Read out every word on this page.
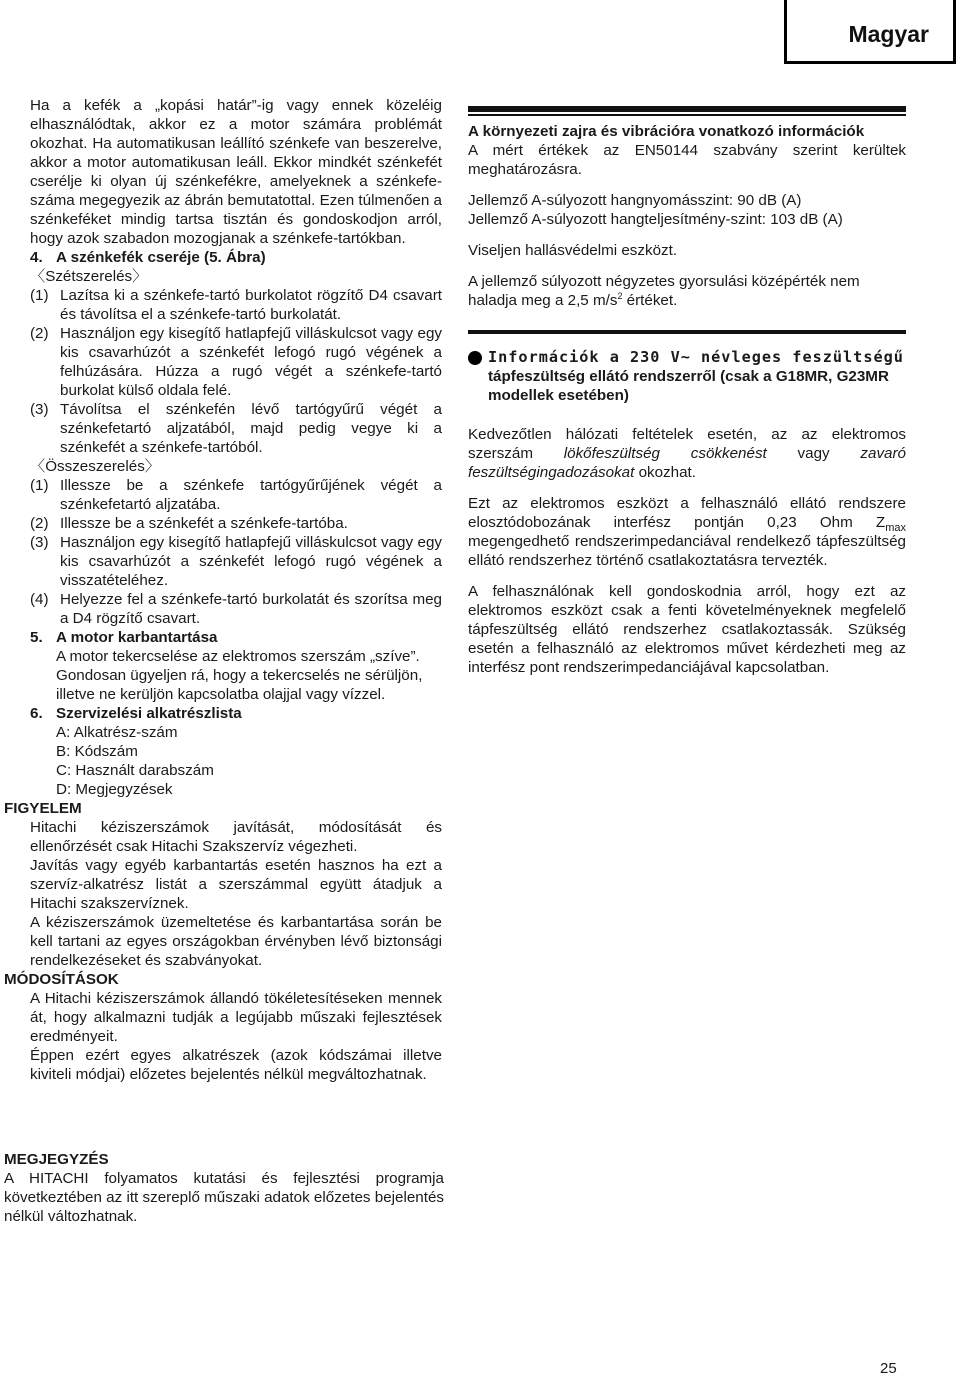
Magyar

Ha a kefék a „kopási határ”-ig vagy ennek közeléig elhasználódtak, akkor ez a motor számára problémát okozhat. Ha automatikusan leállító szénkefe van beszerelve, akkor a motor automatikusan leáll. Ekkor mindkét szénkefét cserélje ki olyan új szénkefékre, amelyeknek a szénkefe-száma megegyezik az ábrán bemutatottal. Ezen túlmenően a szénkeféket mindig tartsa tisztán és gondoskodjon arról, hogy azok szabadon mozogjanak a szénkefe-tartókban.

4. A szénkefék cseréje (5. Ábra)

〈Szétszerelés〉

(1) Lazítsa ki a szénkefe-tartó burkolatot rögzítő D4 csavart és távolítsa el a szénkefe-tartó burkolatát.
(2) Használjon egy kisegítő hatlapfejű villáskulcsot vagy egy kis csavarhúzót a szénkefét lefogó rugó végének a felhúzására. Húzza a rugó végét a szénkefe-tartó burkolat külső oldala felé.
(3) Távolítsa el szénkefén lévő tartógyűrű végét a szénkefetartó aljzatából, majd pedig vegye ki a szénkefét a szénkefe-tartóból.

〈Összeszerelés〉

(1) Illessze be a szénkefe tartógyűrűjének végét a szénkefetartó aljzatába.
(2) Illessze be a szénkefét a szénkefe-tartóba.
(3) Használjon egy kisegítő hatlapfejű villáskulcsot vagy egy kis csavarhúzót a szénkefét lefogó rugó végének a visszatételéhez.
(4) Helyezze fel a szénkefe-tartó burkolatát és szorítsa meg a D4 rögzítő csavart.
5. A motor karbantartása

A motor tekercselése az elektromos szerszám „szíve”. Gondosan ügyeljen rá, hogy a tekercselés ne sérüljön, illetve ne kerüljön kapcsolatba olajjal vagy vízzel.

6. Szervizelési alkatrészlista

A: Alkatrész-szám

B: Kódszám

C: Használt darabszám

D: Megjegyzések

FIGYELEM

Hitachi kéziszerszámok javítását, módosítását és ellenőrzését csak Hitachi Szakszervíz végezheti.

Javítás vagy egyéb karbantartás esetén hasznos ha ezt a szervíz-alkatrész listát a szerszámmal együtt átadjuk a Hitachi szakszervíznek.

A kéziszerszámok üzemeltetése és karbantartása során be kell tartani az egyes országokban érvényben lévő biztonsági rendelkezéseket és szabványokat.

MÓDOSÍTÁSOK

A Hitachi kéziszerszámok állandó tökéletesítéseken mennek át, hogy alkalmazni tudják a legújabb műszaki fejlesztések eredményeit.

Éppen ezért egyes alkatrészek (azok kódszámai illetve kiviteli módjai) előzetes bejelentés nélkül megváltozhatnak.

A környezeti zajra és vibrációra vonatkozó információk

A mért értékek az EN50144 szabvány szerint kerültek meghatározásra.

Jellemző A-súlyozott hangnyomásszint: 90 dB (A)

Jellemző A-súlyozott hangteljesítmény-szint: 103 dB (A)

Viseljen hallásvédelmi eszközt.

A jellemző súlyozott négyzetes gyorsulási középérték nem haladja meg a 2,5 $m/s^2$ értéket.

Információk a 230 V~ névleges feszültségű tápfeszültség ellátó rendszerről (csak a G18MR, G23MR modellek esetében)

Kedvezőtlen hálózati feltételek esetén, az az elektromos szerszám lökőfeszültség csökkenést vagy zavaró feszültségingadozásokat okozhat.

Ezt az elektromos eszközt a felhasználó ellátó rendszere elosztódobozának interfész pontján 0,23 Ohm $Z_{max}$ megengedhető rendszerimpedanciával rendelkező tápfeszültség ellátó rendszerhez történő csatlakoztatásra tervezték.

A felhasználónak kell gondoskodnia arról, hogy ezt az elektromos eszközt csak a fenti követelményeknek megfelelő tápfeszültség ellátó rendszerhez csatlakoztassák. Szükség esetén a felhasználó az elektromos művet kérdezheti meg az interfész pont rendszerimpedanciájával kapcsolatban.

MEGJEGYZÉS

A HITACHI folyamatos kutatási és fejlesztési programja következtében az itt szereplő műszaki adatok előzetes bejelentés nélkül változhatnak.

25
